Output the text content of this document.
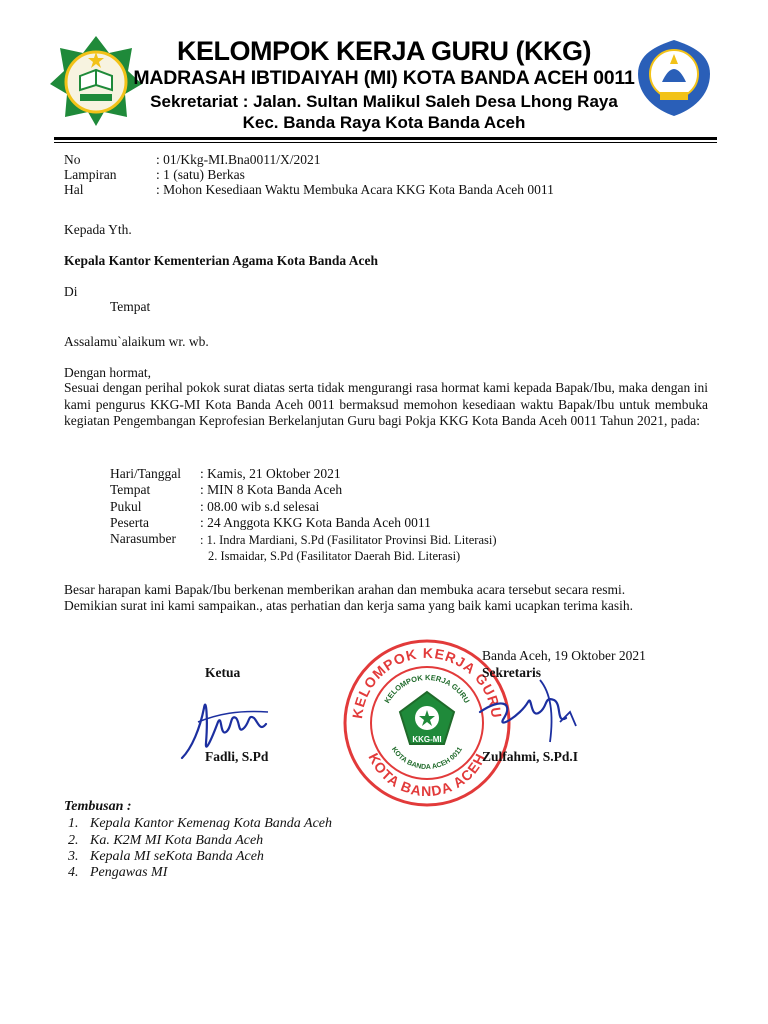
KELOMPOK KERJA GURU (KKG)
MADRASAH IBTIDAIYAH (MI) KOTA BANDA ACEH 0011
Sekretariat : Jalan. Sultan Malikul Saleh Desa Lhong Raya
Kec. Banda Raya Kota Banda Aceh
No	: 01/Kkg-MI.Bna0011/X/2021
Lampiran	: 1 (satu) Berkas
Hal	: Mohon Kesediaan Waktu Membuka Acara KKG Kota Banda Aceh 0011
Kepada Yth.
Kepala Kantor Kementerian Agama Kota Banda Aceh
Di
Tempat
Assalamu`alaikum wr. wb.
Dengan hormat,
Sesuai dengan perihal pokok surat diatas serta tidak mengurangi rasa hormat kami kepada Bapak/Ibu, maka dengan ini kami pengurus KKG-MI Kota Banda Aceh 0011 bermaksud memohon kesediaan waktu Bapak/Ibu untuk membuka kegiatan Pengembangan Keprofesian Berkelanjutan Guru bagi Pokja KKG Kota Banda Aceh 0011 Tahun 2021, pada:
Hari/Tanggal : Kamis, 21 Oktober 2021
Tempat	: MIN 8 Kota Banda Aceh
Pukul	: 08.00 wib s.d selesai
Peserta	: 24 Anggota KKG Kota Banda Aceh 0011
Narasumber : 1. Indra Mardiani, S.Pd (Fasilitator Provinsi Bid. Literasi)
2. Ismaidar, S.Pd (Fasilitator Daerah Bid. Literasi)
Besar harapan kami Bapak/Ibu berkenan memberikan arahan dan membuka acara tersebut secara resmi.
Demikian surat ini kami sampaikan., atas perhatian dan kerja sama yang baik kami ucapkan terima kasih.
KELOMPOK KERJA GURU
KOTA BANDA ACEH
KELOMPOK KERJA GURU
KOTA BANDA ACEH 0011
KKG-MI
Banda Aceh, 19 Oktober 2021
Ketua	Sekretaris
Fadli, S.Pd	Zulfahmi, S.Pd.I
Tembusan :
1. Kepala Kantor Kemenag Kota Banda Aceh
2. Ka. K2M MI Kota Banda Aceh
3. Kepala MI seKota Banda Aceh
4. Pengawas MI
